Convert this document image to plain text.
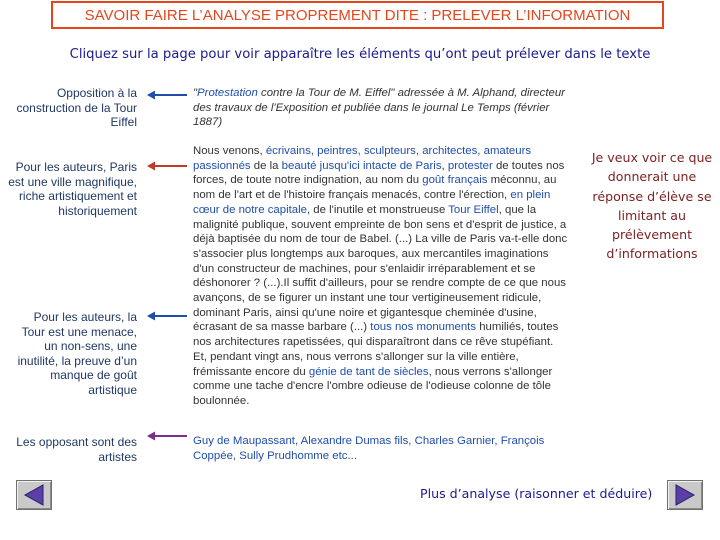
SAVOIR FAIRE L’ANALYSE PROPREMENT DITE : PRELEVER L’INFORMATION
Cliquez sur la page pour voir apparaître les éléments qu’ont peut prélever dans le texte
Opposition à la construction de la Tour Eiffel
Pour les auteurs, Paris est une ville magnifique, riche artistiquement et historiquement
Pour les auteurs, la Tour est une menace, un non-sens, une inutilité, la preuve d’un manque de goût artistique
Les opposant sont des artistes
"Protestation contre la Tour de M. Eiffel" adressée à M. Alphand, directeur des travaux de l'Exposition et publiée dans le journal Le Temps (février 1887)
Nous venons, écrivains, peintres, sculpteurs, architectes, amateurs passionnés de la beauté jusqu'ici intacte de Paris, protester de toutes nos forces, de toute notre indignation, au nom du goût français méconnu, au nom de l'art et de l'histoire français menacés, contre l'érection, en plein cœur de notre capitale, de l'inutile et monstrueuse Tour Eiffel, que la malignité publique, souvent empreinte de bon sens et d'esprit de justice, a déjà baptisée du nom de tour de Babel. (...) La ville de Paris va-t-elle donc s'associer plus longtemps aux baroques, aux mercantiles imaginations d'un constructeur de machines, pour s'enlaidir irréparablement et se déshonorer ? (...).Il suffit d'ailleurs, pour se rendre compte de ce que nous avançons, de se figurer un instant une tour vertigineusement ridicule, dominant Paris, ainsi qu'une noire et gigantesque cheminée d'usine, écrasant de sa masse barbare (...) tous nos monuments humiliés, toutes nos architectures rapetissées, qui disparaîtront dans ce rêve stupéfiant. Et, pendant vingt ans, nous verrons s'allonger sur la ville entière, frémissante encore du génie de tant de siècles, nous verrons s'allonger comme une tache d'encre l'ombre odieuse de l'odieuse colonne de tôle boulonnée.
Guy de Maupassant, Alexandre Dumas fils, Charles Garnier, François Coppée, Sully Prudhomme etc...
Je veux voir ce que donnerait une réponse d’élève se limitant au prélèvement d’informations
Plus d’analyse (raisonner et déduire)
